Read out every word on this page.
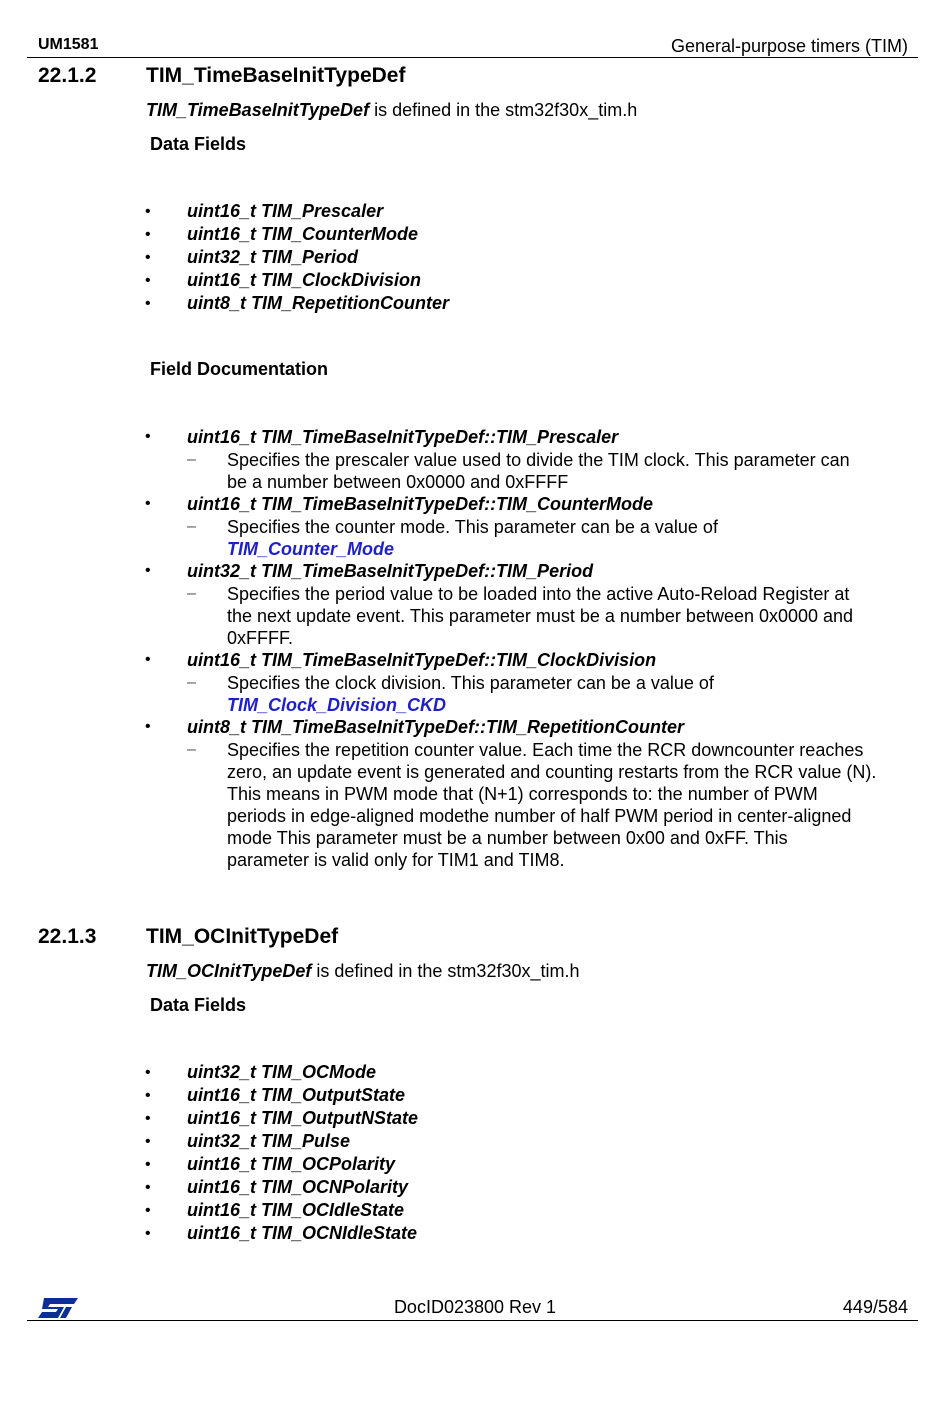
UM1581	General-purpose timers (TIM)
22.1.2 TIM_TimeBaseInitTypeDef
TIM_TimeBaseInitTypeDef is defined in the stm32f30x_tim.h
Data Fields
• uint16_t TIM_Prescaler
• uint16_t TIM_CounterMode
• uint32_t TIM_Period
• uint16_t TIM_ClockDivision
• uint8_t TIM_RepetitionCounter
Field Documentation
• uint16_t TIM_TimeBaseInitTypeDef::TIM_Prescaler
– Specifies the prescaler value used to divide the TIM clock. This parameter can
be a number between 0x0000 and 0xFFFF
• uint16_t TIM_TimeBaseInitTypeDef::TIM_CounterMode
– Specifies the counter mode. This parameter can be a value of
TIM_Counter_Mode
• uint32_t TIM_TimeBaseInitTypeDef::TIM_Period
– Specifies the period value to be loaded into the active Auto-Reload Register at
the next update event. This parameter must be a number between 0x0000 and
0xFFFF.
• uint16_t TIM_TimeBaseInitTypeDef::TIM_ClockDivision
– Specifies the clock division. This parameter can be a value of
TIM_Clock_Division_CKD
• uint8_t TIM_TimeBaseInitTypeDef::TIM_RepetitionCounter
– Specifies the repetition counter value. Each time the RCR downcounter reaches
zero, an update event is generated and counting restarts from the RCR value (N).
This means in PWM mode that (N+1) corresponds to: the number of PWM
periods in edge-aligned modethe number of half PWM period in center-aligned
mode This parameter must be a number between 0x00 and 0xFF. This
parameter is valid only for TIM1 and TIM8.
22.1.3 TIM_OCInitTypeDef
TIM_OCInitTypeDef is defined in the stm32f30x_tim.h
Data Fields
• uint32_t TIM_OCMode
• uint16_t TIM_OutputState
• uint16_t TIM_OutputNState
• uint32_t TIM_Pulse
• uint16_t TIM_OCPolarity
• uint16_t TIM_OCNPolarity
• uint16_t TIM_OCIdleState
• uint16_t TIM_OCNIdleState
DocID023800 Rev 1	449/584
